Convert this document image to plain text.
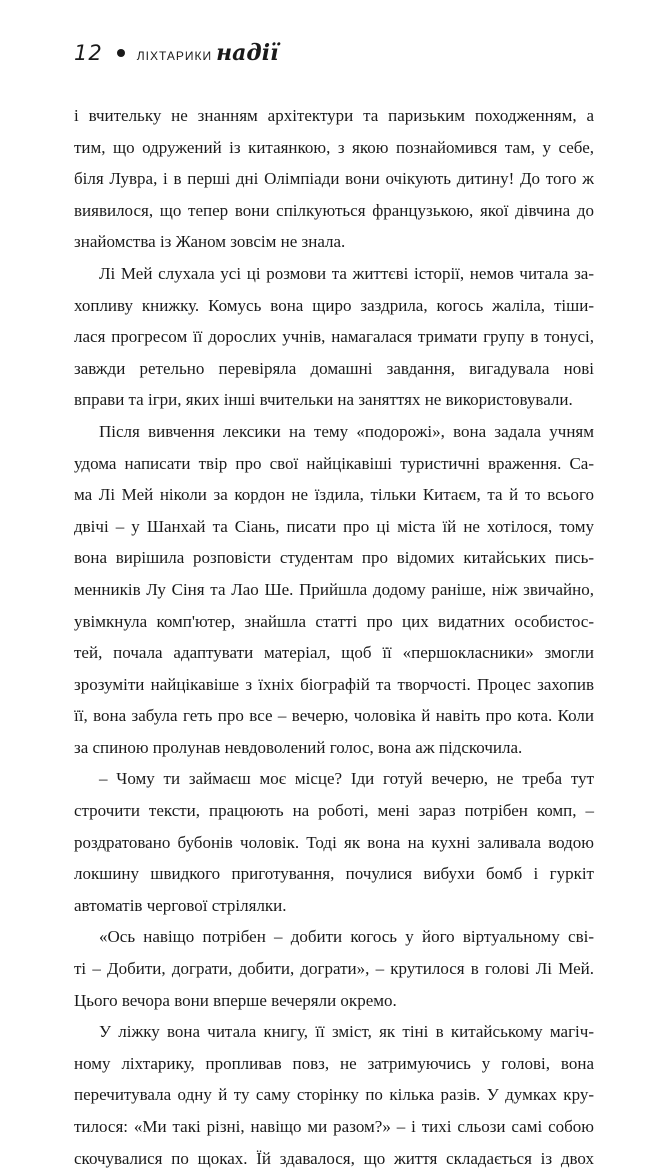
12	ЛІХТАРИКИ надії
і вчительку не знанням архітектури та паризьким походженням, а
тим, що одружений із китаянкою, з якою познайомився там, у себе,
біля Лувра, і в перші дні Олімпіади вони очікують дитину! До того ж
виявилося, що тепер вони спілкуються французькою, якої дівчина до
знайомства із Жаном зовсім не знала.
Лі Мей слухала усі ці розмови та життєві історії, немов читала за-
хопливу книжку. Комусь вона щиро заздрила, когось жаліла, тіши-
лася прогресом її дорослих учнів, намагалася тримати групу в тонусі,
завжди ретельно перевіряла домашні завдання, вигадувала нові
вправи та ігри, яких інші вчительки на заняттях не використовували.
Після вивчення лексики на тему «подорожі», вона задала учням
удома написати твір про свої найцікавіші туристичні враження. Са-
ма Лі Мей ніколи за кордон не їздила, тільки Китаєм, та й то всього
двічі – у Шанхай та Сіань, писати про ці міста їй не хотілося, тому
вона вирішила розповісти студентам про відомих китайських пись-
менників Лу Сіня та Лао Ше. Прийшла додому раніше, ніж звичайно,
увімкнула комп'ютер, знайшла статті про цих видатних особистос-
тей, почала адаптувати матеріал, щоб її «першокласники» змогли
зрозуміти найцікавіше з їхніх біографій та творчості. Процес захопив
її, вона забула геть про все – вечерю, чоловіка й навіть про кота. Коли
за спиною пролунав невдоволений голос, вона аж підскочила.
– Чому ти займаєш моє місце? Іди готуй вечерю, не треба тут
строчити тексти, працюють на роботі, мені зараз потрібен комп, –
роздратовано бубонів чоловік. Тоді як вона на кухні заливала водою
локшину швидкого приготування, почулися вибухи бомб і гуркіт
автоматів чергової стрілялки.
«Ось навіщо потрібен – добити когось у його віртуальному сві-
ті – Добити, дограти, добити, дограти», – крутилося в голові Лі Мей.
Цього вечора вони вперше вечеряли окремо.
У ліжку вона читала книгу, її зміст, як тіні в китайському магіч-
ному ліхтарику, пропливав повз, не затримуючись у голові, вона
перечитувала одну й ту саму сторінку по кілька разів. У думках кру-
тилося: «Ми такі різні, навіщо ми разом?» – і тихі сльози самі собою
скочувалися по щоках. Їй здавалося, що життя складається із двох
